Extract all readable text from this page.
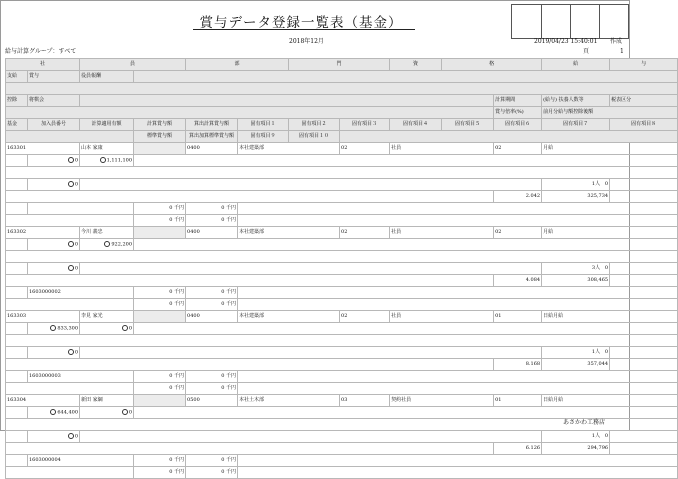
賞与データ登録一覧表（基金）
2018年12月	2019/04/23 15:40:01 作成
給与計算グループ：すべて	頁	1
社		員		部		門		資	格		給	与
支給	賞与	役員報酬										

控除	将棋会									計算期間	(給与) 扶養人数等	税表区分
										賞与倍率(%)	前月分給与額控除後額	
基金	加入員番号	計算適用有額	計算賞与額	算出計算賞与額	固有項目１	固有項目２	固有項目３	固有項目４	固有項目５	固有項目６	固有項目７	固有項目８
			標準賞与額	算出加算標準賞与額	固有項目９	固有項目１０						
163301		山本 家康		0400	本社建築部		02	社員		02	月給	
	0	1,111,100										

	0										1人 0	
										2.042	325,734	
			0 千円	0 千円								
			0 千円	0 千円								
163302		今川 義忠		0400	本社建築部		02	社員		02	月給	
	0	922,200										

	0										3人 0	
										4.084	308,465	
	1603000002		0 千円	0 千円								
			0 千円	0 千円								
163303		李見 家光		0400	本社建築部		02	社員		01	日給月給	
	833,300	0										

	0										1人 0	
										8.168	357,044	
	1603000003		0 千円	0 千円								
			0 千円	0 千円								
163304		新田 家綱		0500	本社土木部		03	契約社員		01	日給月給	
	644,400	0										

	0										1人 0	
										6.126	294,796	
	1603000004		0 千円	0 千円								
			0 千円	0 千円								
あさかわ工務店
